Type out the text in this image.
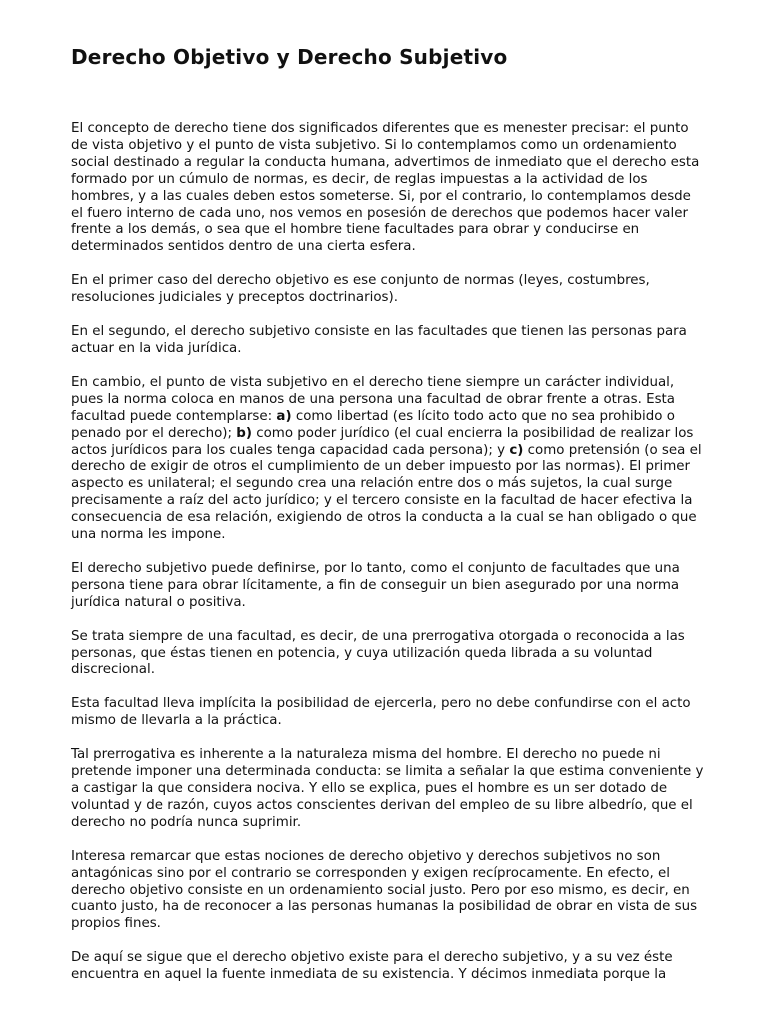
Derecho Objetivo y Derecho Subjetivo

El concepto de derecho tiene dos significados diferentes que es menester precisar: el punto de vista objetivo y el punto de vista subjetivo. Si lo contemplamos como un ordenamiento social destinado a regular la conducta humana, advertimos de inmediato que el derecho esta formado por un cúmulo de normas, es decir, de reglas impuestas a la actividad de los hombres, y a las cuales deben estos someterse. Si, por el contrario, lo contemplamos desde el fuero interno de cada uno, nos vemos en posesión de derechos que podemos hacer valer frente a los demás, o sea que el hombre tiene facultades para obrar y conducirse en determinados sentidos dentro de una cierta esfera.

En el primer caso del derecho objetivo es ese conjunto de normas (leyes, costumbres, resoluciones judiciales y preceptos doctrinarios).

En el segundo, el derecho subjetivo consiste en las facultades que tienen las personas para actuar en la vida jurídica.

En cambio, el punto de vista subjetivo en el derecho tiene siempre un carácter individual, pues la norma coloca en manos de una persona una facultad de obrar frente a otras. Esta facultad puede contemplarse: a) como libertad (es lícito todo acto que no sea prohibido o penado por el derecho); b) como poder jurídico (el cual encierra la posibilidad de realizar los actos jurídicos para los cuales tenga capacidad cada persona); y c) como pretensión (o sea el derecho de exigir de otros el cumplimiento de un deber impuesto por las normas). El primer aspecto es unilateral; el segundo crea una relación entre dos o más sujetos, la cual surge precisamente a raíz del acto jurídico; y el tercero consiste en la facultad de hacer efectiva la consecuencia de esa relación, exigiendo de otros la conducta a la cual se han obligado o que una norma les impone.

El derecho subjetivo puede definirse, por lo tanto, como el conjunto de facultades que una persona tiene para obrar lícitamente, a fin de conseguir un bien asegurado por una norma jurídica natural o positiva.

Se trata siempre de una facultad, es decir, de una prerrogativa otorgada o reconocida a las personas, que éstas tienen en potencia, y cuya utilización queda librada a su voluntad discrecional.

Esta facultad lleva implícita la posibilidad de ejercerla, pero no debe confundirse con el acto mismo de llevarla a la práctica.

Tal prerrogativa es inherente a la naturaleza misma del hombre. El derecho no puede ni pretende imponer una determinada conducta: se limita a señalar la que estima conveniente y a castigar la que considera nociva. Y ello se explica, pues el hombre es un ser dotado de voluntad y de razón, cuyos actos conscientes derivan del empleo de su libre albedrío, que el derecho no podría nunca suprimir.

Interesa remarcar que estas nociones de derecho objetivo y derechos subjetivos no son antagónicas sino por el contrario se corresponden y exigen recíprocamente. En efecto, el derecho objetivo consiste en un ordenamiento social justo. Pero por eso mismo, es decir, en cuanto justo, ha de reconocer a las personas humanas la posibilidad de obrar en vista de sus propios fines.

De aquí se sigue que el derecho objetivo existe para el derecho subjetivo, y a su vez éste encuentra en aquel la fuente inmediata de su existencia. Y décimos inmediata porque la
